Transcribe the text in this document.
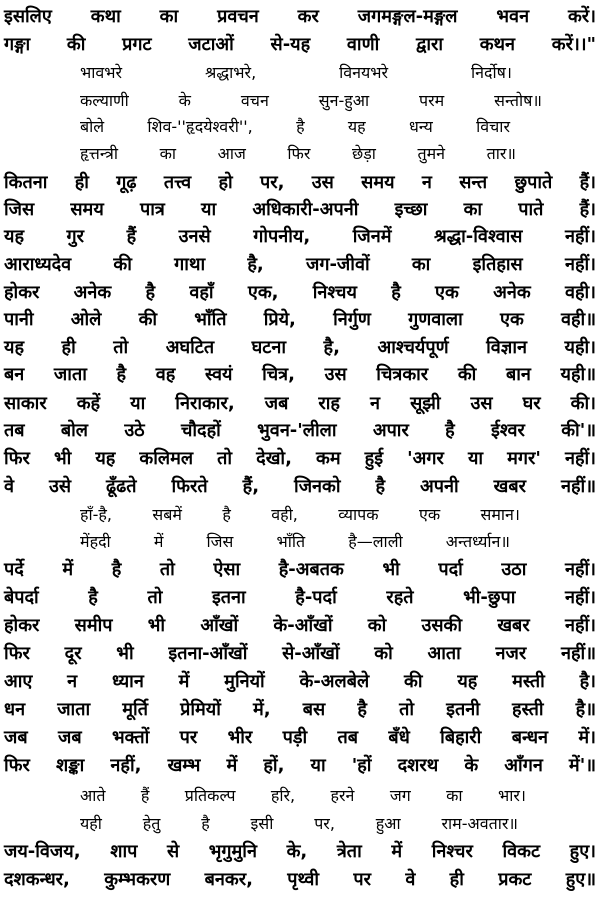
इसलिए कथा का प्रवचन कर जगमङ्गल-मङ्गल भवन करें।
गङ्गा की प्रगट जटाओं से-यह वाणी द्वारा कथन करें।।"
भावभरे श्रद्धाभरे, विनयभरे निर्दोष।
कल्याणी के वचन सुन-हुआ परम सन्तोष॥
बोले शिव-''हृदयेश्वरी'', है यह धन्य विचार
हृत्तन्त्री का आज फिर छेड़ा तुमने तार॥
कितना ही गूढ़ तत्त्व हो पर, उस समय न सन्त छुपाते हैं।
जिस समय पात्र या अधिकारी-अपनी इच्छा का पाते हैं।
यह गुर हैं उनसे गोपनीय, जिनमें श्रद्धा-विश्वास नहीं।
आराध्यदेव की गाथा है, जग-जीवों का इतिहास नहीं।
होकर अनेक है वहाँ एक, निश्चय है एक अनेक वही।
पानी ओले की भाँति प्रिये, निर्गुण गुणवाला एक वही॥
यह ही तो अघटित घटना है, आश्चर्यपूर्ण विज्ञान यही।
बन जाता है वह स्वयं चित्र, उस चित्रकार की बान यही॥
साकार कहें या निराकार, जब राह न सूझी उस घर की।
तब बोल उठे चौदहों भुवन-'लीला अपार है ईश्वर की'॥
फिर भी यह कलिमल तो देखो, कम हुई 'अगर या मगर' नहीं।
वे उसे ढूँढते फिरते हैं, जिनको है अपनी खबर नहीं॥
हाँ-है, सबमें है वही, व्यापक एक समान।
मेंहदी में जिस भाँति है—लाली अन्तर्ध्यान॥
पर्दे में है तो ऐसा है-अबतक भी पर्दा उठा नहीं।
बेपर्दा है तो इतना है-पर्दा रहते भी-छुपा नहीं।
होकर समीप भी आँखों के-आँखों को उसकी खबर नहीं।
फिर दूर भी इतना-आँखों से-आँखों को आता नजर नहीं॥
आए न ध्यान में मुनियों के-अलबेले की यह मस्ती है।
धन जाता मूर्ति प्रेमियों में, बस है तो इतनी हस्ती है॥
जब जब भक्तों पर भीर पड़ी तब बँधे बिहारी बन्धन में।
फिर शङ्का नहीं, खम्भ में हों, या 'हों दशरथ के आँगन में'॥
आते हैं प्रतिकल्प हरि, हरने जग का भार।
यही हेतु है इसी पर, हुआ राम-अवतार॥
जय-विजय, शाप से भृगुमुनि के, त्रेता में निश्चर विकट हुए।
दशकन्धर, कुम्भकरण बनकर, पृथ्वी पर वे ही प्रकट हुए॥
